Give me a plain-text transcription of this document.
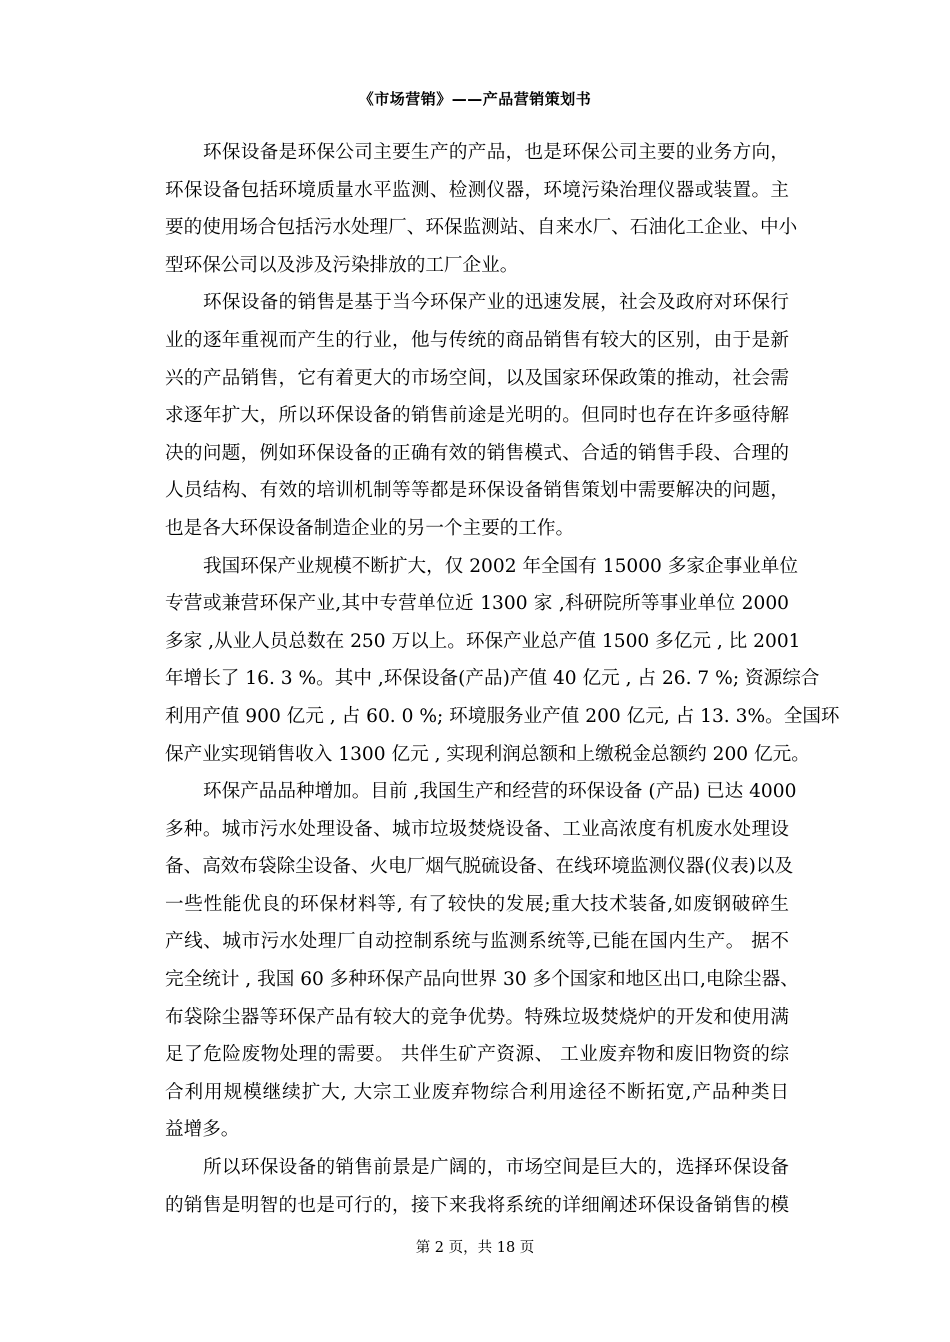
《市场营销》——产品营销策划书
环保设备是环保公司主要生产的产品，也是环保公司主要的业务方向，
环保设备包括环境质量水平监测、检测仪器，环境污染治理仪器或装置。主
要的使用场合包括污水处理厂、环保监测站、自来水厂、石油化工企业、中小
型环保公司以及涉及污染排放的工厂企业。
环保设备的销售是基于当今环保产业的迅速发展，社会及政府对环保行
业的逐年重视而产生的行业，他与传统的商品销售有较大的区别，由于是新
兴的产品销售，它有着更大的市场空间，以及国家环保政策的推动，社会需
求逐年扩大，所以环保设备的销售前途是光明的。但同时也存在许多亟待解
决的问题，例如环保设备的正确有效的销售模式、合适的销售手段、合理的
人员结构、有效的培训机制等等都是环保设备销售策划中需要解决的问题，
也是各大环保设备制造企业的另一个主要的工作。
我国环保产业规模不断扩大，仅 2002 年全国有 15000 多家企事业单位
专营或兼营环保产业,其中专营单位近 1300 家 ,科研院所等事业单位 2000
多家 ,从业人员总数在 250 万以上。环保产业总产值 1500 多亿元 , 比 2001
年增长了 16. 3 %。其中 ,环保设备(产品)产值 40 亿元 , 占 26. 7 %; 资源综合
利用产值 900 亿元 , 占 60. 0 %; 环境服务业产值 200 亿元, 占 13. 3%。全国环
保产业实现销售收入 1300 亿元 , 实现利润总额和上缴税金总额约 200 亿元。
环保产品品种增加。目前 ,我国生产和经营的环保设备 (产品) 已达 4000
多种。城市污水处理设备、城市垃圾焚烧设备、工业高浓度有机废水处理设
备、高效布袋除尘设备、火电厂烟气脱硫设备、在线环境监测仪器(仪表)以及
一些性能优良的环保材料等, 有了较快的发展;重大技术装备,如废钢破碎生
产线、城市污水处理厂自动控制系统与监测系统等,已能在国内生产。 据不
完全统计 , 我国 60 多种环保产品向世界 30 多个国家和地区出口,电除尘器、
布袋除尘器等环保产品有较大的竞争优势。特殊垃圾焚烧炉的开发和使用满
足了危险废物处理的需要。 共伴生矿产资源、 工业废弃物和废旧物资的综
合利用规模继续扩大, 大宗工业废弃物综合利用途径不断拓宽,产品种类日
益增多。
所以环保设备的销售前景是广阔的，市场空间是巨大的，选择环保设备
的销售是明智的也是可行的，接下来我将系统的详细阐述环保设备销售的模
第 2 页，共 18 页
